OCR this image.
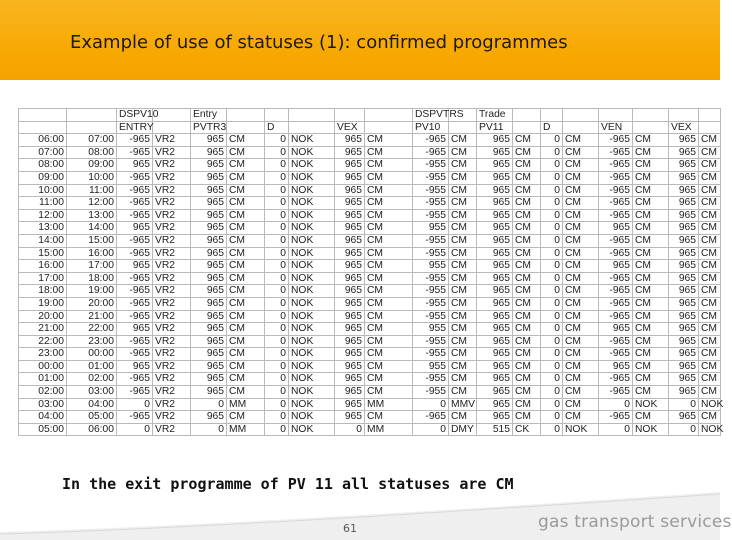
Example of use of statuses (1): confirmed programmes
		DSPV10		Entry						DSPVTRS		Trade							
		ENTRY		PVTR3		D		VEX		PV10		PV11		D		VEN		VEX	
06:00	07:00	-965	VR2	965	CM	0	NOK	965	CM	-965	CM	965	CM	0	CM	-965	CM	965	CM
07:00	08:00	-965	VR2	965	CM	0	NOK	965	CM	-965	CM	965	CM	0	CM	-965	CM	965	CM
08:00	09:00	965	VR2	965	CM	0	NOK	965	CM	-955	CM	965	CM	0	CM	-965	CM	965	CM
09:00	10:00	-965	VR2	965	CM	0	NOK	965	CM	-955	CM	965	CM	0	CM	-965	CM	965	CM
10:00	11:00	-965	VR2	965	CM	0	NOK	965	CM	-955	CM	965	CM	0	CM	-965	CM	965	CM
11:00	12:00	-965	VR2	965	CM	0	NOK	965	CM	-955	CM	965	CM	0	CM	-965	CM	965	CM
12:00	13:00	-965	VR2	965	CM	0	NOK	965	CM	-955	CM	965	CM	0	CM	-965	CM	965	CM
13:00	14:00	965	VR2	965	CM	0	NOK	965	CM	955	CM	965	CM	0	CM	965	CM	965	CM
14:00	15:00	-965	VR2	965	CM	0	NOK	965	CM	-955	CM	965	CM	0	CM	-965	CM	965	CM
15:00	16:00	-965	VR2	965	CM	0	NOK	965	CM	-955	CM	965	CM	0	CM	-965	CM	965	CM
16:00	17:00	965	VR2	965	CM	0	NOK	965	CM	955	CM	965	CM	0	CM	965	CM	965	CM
17:00	18:00	-965	VR2	965	CM	0	NOK	965	CM	-955	CM	965	CM	0	CM	-965	CM	965	CM
18:00	19:00	-965	VR2	965	CM	0	NOK	965	CM	-955	CM	965	CM	0	CM	-965	CM	965	CM
19:00	20:00	-965	VR2	965	CM	0	NOK	965	CM	-955	CM	965	CM	0	CM	-965	CM	965	CM
20:00	21:00	-965	VR2	965	CM	0	NOK	965	CM	-955	CM	965	CM	0	CM	-965	CM	965	CM
21:00	22:00	965	VR2	965	CM	0	NOK	965	CM	955	CM	965	CM	0	CM	965	CM	965	CM
22:00	23:00	-965	VR2	965	CM	0	NOK	965	CM	-955	CM	965	CM	0	CM	-965	CM	965	CM
23:00	00:00	-965	VR2	965	CM	0	NOK	965	CM	-955	CM	965	CM	0	CM	-965	CM	965	CM
00:00	01:00	965	VR2	965	CM	0	NOK	965	CM	955	CM	965	CM	0	CM	965	CM	965	CM
01:00	02:00	-965	VR2	965	CM	0	NOK	965	CM	-955	CM	965	CM	0	CM	-965	CM	965	CM
02:00	03:00	-965	VR2	965	CM	0	NOK	965	CM	-955	CM	965	CM	0	CM	-965	CM	965	CM
03:00	04:00	0	VR2	0	MM	0	NOK	965	MM	0	MMV	965	CM	0	CM	0	NOK	0	NOK
04:00	05:00	-965	VR2	965	CM	0	NOK	965	CM	-965	CM	965	CM	0	CM	-965	CM	965	CM
05:00	06:00	0	VR2	0	MM	0	NOK	0	MM	0	DMY	515	CK	0	NOK	0	NOK	0	NOK
In the exit programme of PV 11 all statuses are CM
61	gas transport services
